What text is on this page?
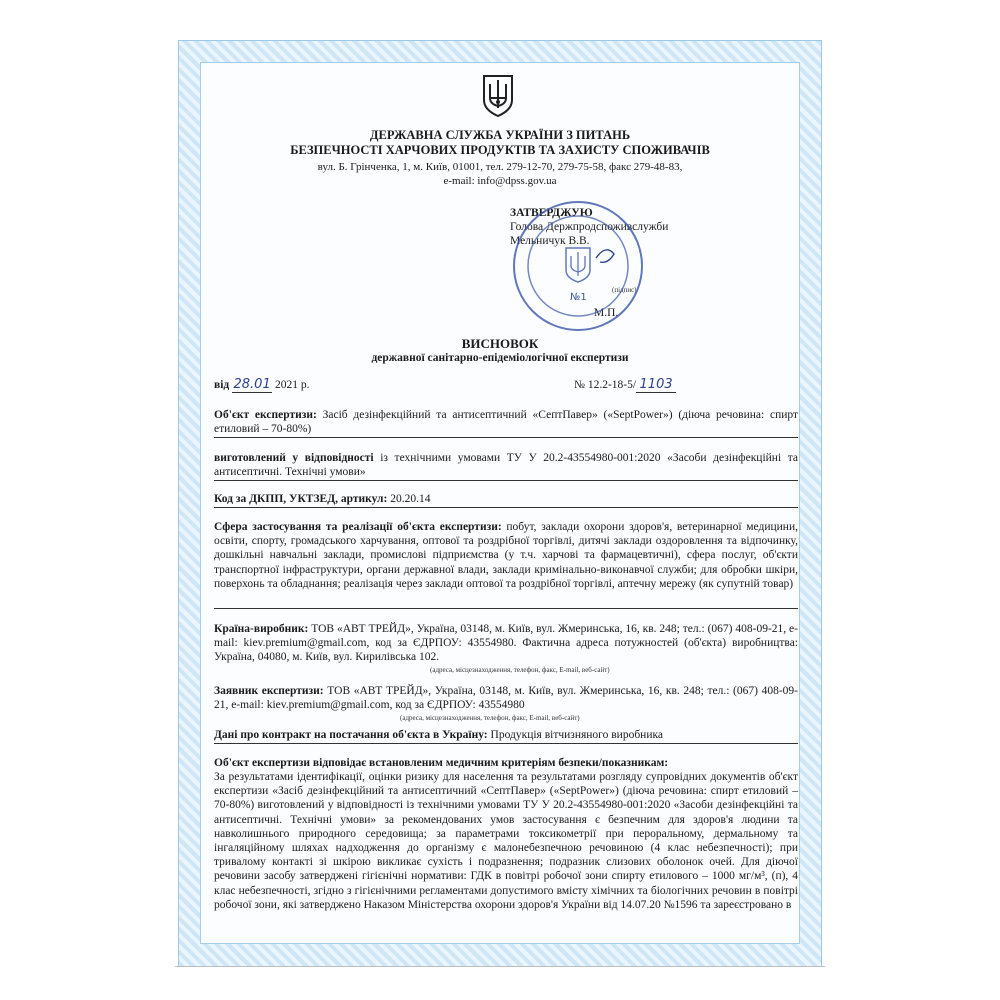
ДЕРЖАВНА СЛУЖБА УКРАЇНИ З ПИТАНЬ
БЕЗПЕЧНОСТІ ХАРЧОВИХ ПРОДУКТІВ ТА ЗАХИСТУ СПОЖИВАЧІВ
вул. Б. Грінченка, 1, м. Київ, 01001, тел. 279-12-70, 279-75-58, факс 279-48-83,
e-mail: info@dpss.gov.ua
ЗАТВЕРДЖУЮ
Голова Держпродспоживслужби
Мельничук В.В.
(підпис)
М.П.
№1
ВИСНОВОК
державної санітарно-епідеміологічної експертизи
від 28.01 2021 р.	№ 12.2-18-5/ 1103

Об'єкт експертизи: Засіб дезінфекційний та антисептичний «СептПавер» («SeptPower») (діюча речовина: спирт етиловий – 70-80%)

виготовлений у відповідності із технічними умовами ТУ У 20.2-43554980-001:2020 «Засоби дезінфекційні та антисептичні. Технічні умови»

Код за ДКПП, УКТЗЕД, артикул: 20.20.14

Сфера застосування та реалізації об'єкта експертизи: побут, заклади охорони здоров'я, ветеринарної медицини, освіти, спорту, громадського харчування, оптової та роздрібної торгівлі, дитячі заклади оздоровлення та відпочинку, дошкільні навчальні заклади, промислові підприємства (у т.ч. харчові та фармацевтичні), сфера послуг, об'єкти транспортної інфраструктури, органи державної влади, заклади кримінально-виконавчої служби; для обробки шкіри, поверхонь та обладнання; реалізація через заклади оптової та роздрібної торгівлі, аптечну мережу (як супутній товар)

Країна-виробник: ТОВ «АВТ ТРЕЙД», Україна, 03148, м. Київ, вул. Жмеринська, 16, кв. 248; тел.: (067) 408-09-21, e-mail: kiev.premium@gmail.com, код за ЄДРПОУ: 43554980. Фактична адреса потужностей (об'єкта) виробництва: Україна, 04080, м. Київ, вул. Кирилівська 102.

(адреса, місцезнаходження, телефон, факс, E-mail, веб-сайт)

Заявник експертизи: ТОВ «АВТ ТРЕЙД», Україна, 03148, м. Київ, вул. Жмеринська, 16, кв. 248; тел.: (067) 408-09-21, e-mail: kiev.premium@gmail.com, код за ЄДРПОУ: 43554980

(адреса, місцезнаходження, телефон, факс, E-mail, веб-сайт)

Дані про контракт на постачання об'єкта в Україну: Продукція вітчизняного виробника

Об'єкт експертизи відповідає встановленим медичним критеріям безпеки/показникам:

За результатами ідентифікації, оцінки ризику для населення та результатами розгляду супровідних документів об'єкт експертизи «Засіб дезінфекційний та антисептичний «СептПавер» («SeptPower») (діюча речовина: спирт етиловий – 70-80%) виготовлений у відповідності із технічними умовами ТУ У 20.2-43554980-001:2020 «Засоби дезінфекційні та антисептичні. Технічні умови» за рекомендованих умов застосування є безпечним для здоров'я людини та навколишнього природного середовища; за параметрами токсикометрії при пероральному, дермальному та інгаляційному шляхах надходження до організму є малонебезпечною речовиною (4 клас небезпечності); при тривалому контакті зі шкірою викликає сухість і подразнення; подразник слизових оболонок очей. Для діючої речовини засобу затверджені гігієнічні нормативи: ГДК в повітрі робочої зони спирту етилового – 1000 мг/м³, (п), 4 клас небезпечності, згідно з гігієнічними регламентами допустимого вмісту хімічних та біологічних речовин в повітрі робочої зони, які затверджено Наказом Міністерства охорони здоров'я України від 14.07.20 №1596 та зареєстровано в
